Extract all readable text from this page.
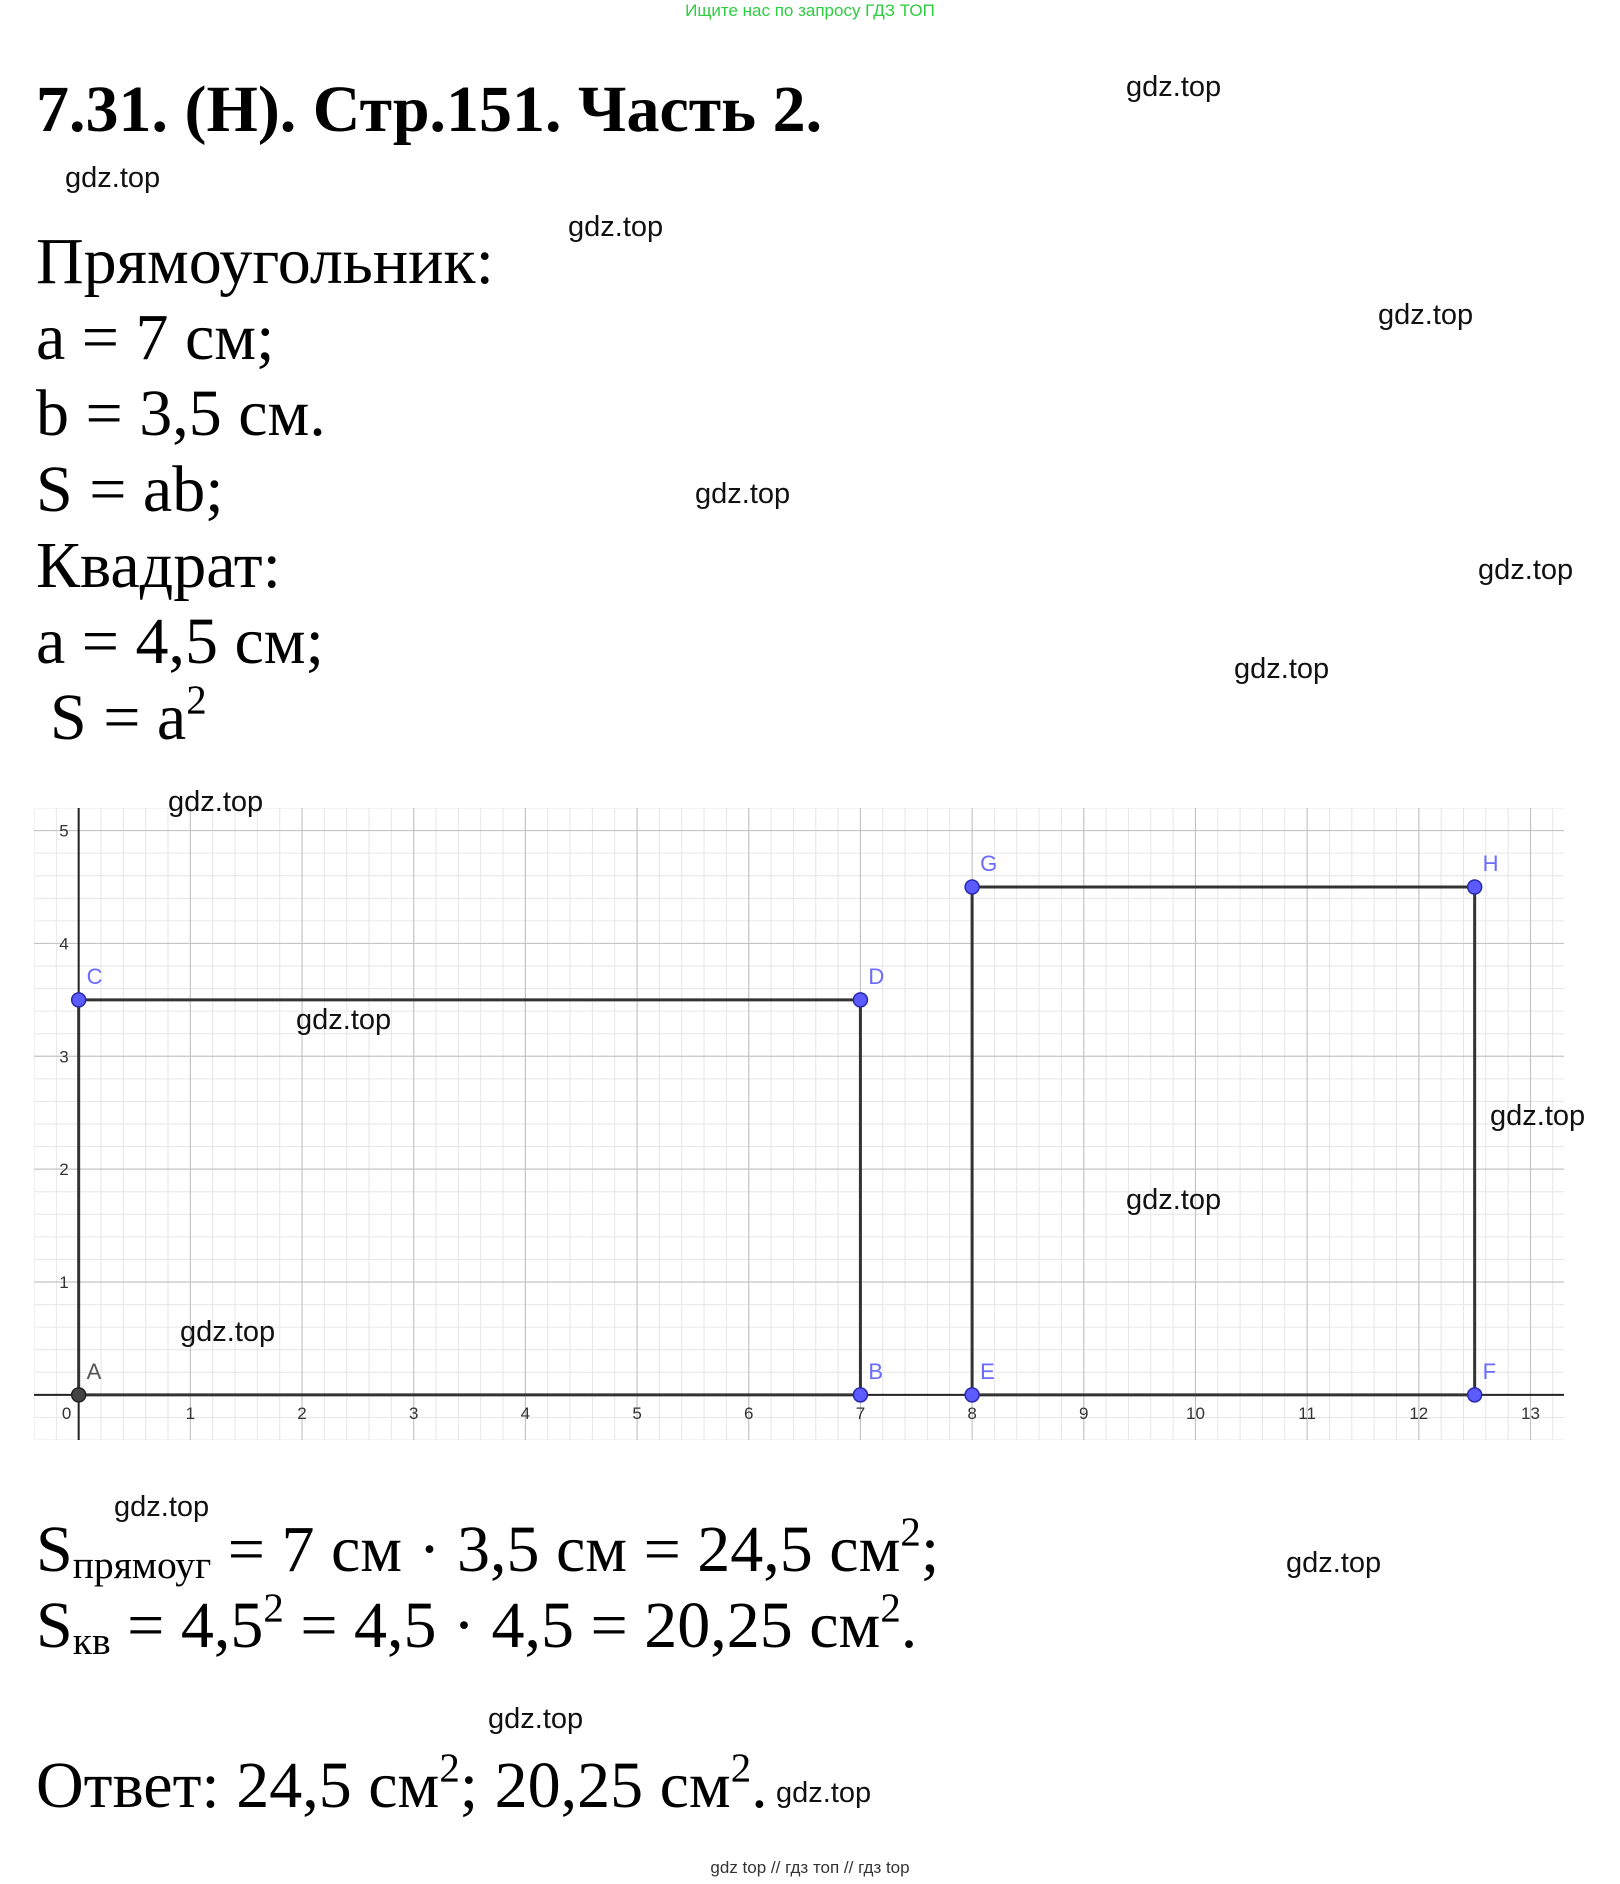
Ищите нас по запросу ГДЗ ТОП
7.31. (Н). Стр.151. Часть 2.
Прямоугольник:
a = 7 см;
b = 3,5 см.
S = ab;
Квадрат:
a = 4,5 см;
$S = a^2$
0	1	2	3	4	5	6	7	8	9	10	11	12	13
1
2
3
4
5
A	B
C	D
E	F
G	H
$S_{прямоуг} = 7$ см · 3,5 см = 24,5 $см^2$;
$S_{кв} = 4,5^2 = 4,5 \cdot 4,5 = 20,25$ $см^2$.
Ответ: 24,5 $см^2$; 20,25 $см^2$.
gdz.top
gdz.top
gdz.top
gdz.top
gdz.top
gdz.top
gdz.top
gdz.top
gdz.top
gdz.top
gdz.top
gdz.top
gdz.top
gdz.top
gdz.top
gdz.top
gdz top // гдз топ // гдз top
